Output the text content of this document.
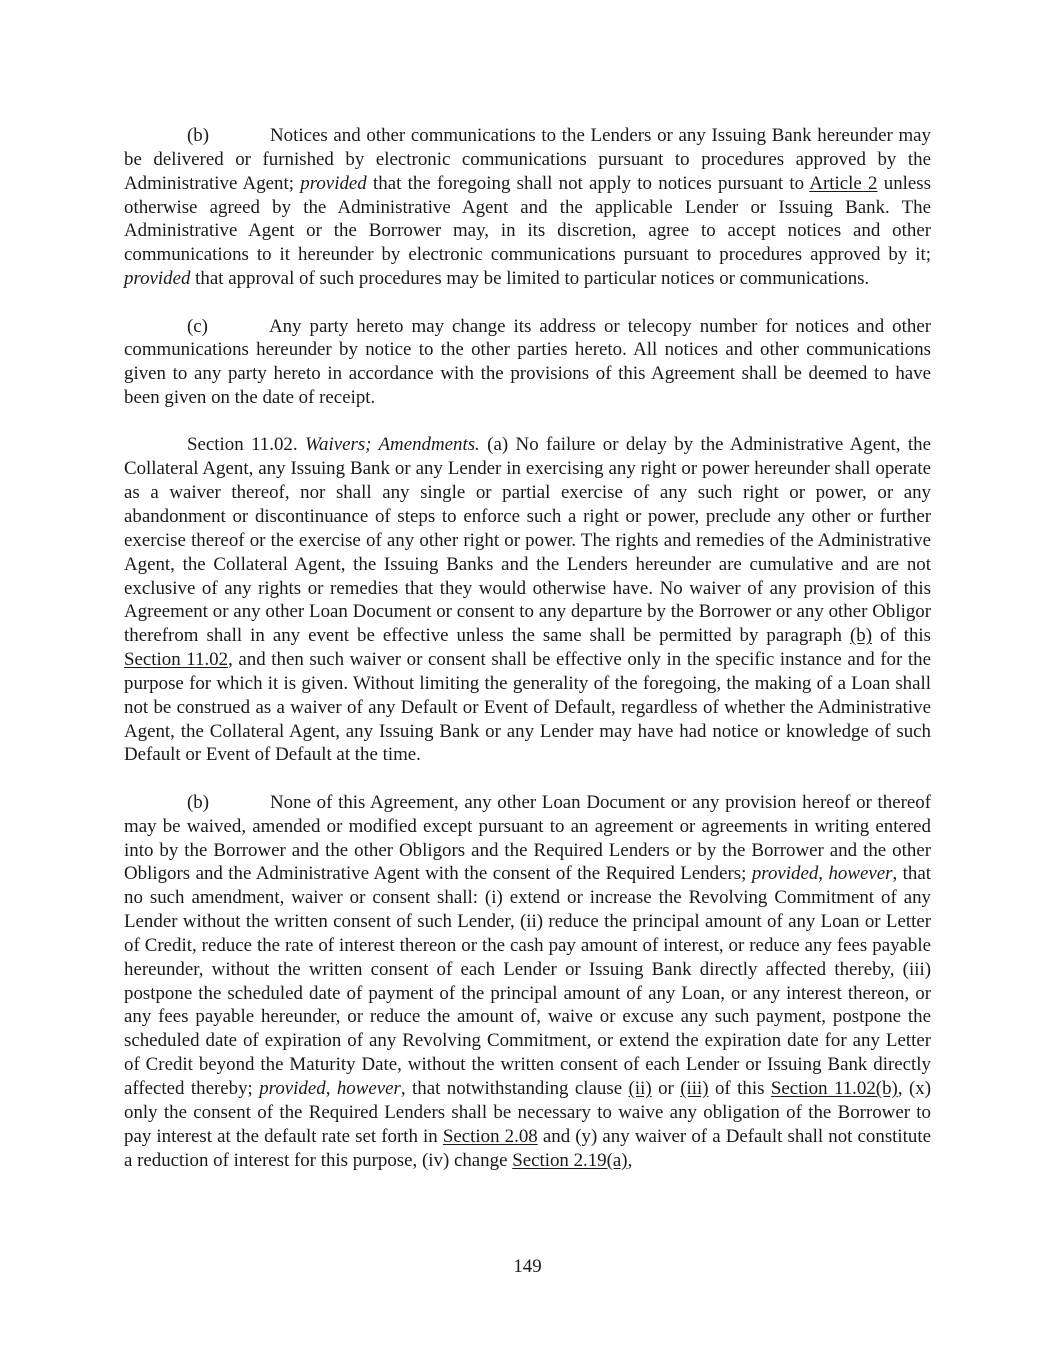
(b)	Notices and other communications to the Lenders or any Issuing Bank hereunder may be delivered or furnished by electronic communications pursuant to procedures approved by the Administrative Agent; provided that the foregoing shall not apply to notices pursuant to Article 2 unless otherwise agreed by the Administrative Agent and the applicable Lender or Issuing Bank. The Administrative Agent or the Borrower may, in its discretion, agree to accept notices and other communications to it hereunder by electronic communications pursuant to procedures approved by it; provided that approval of such procedures may be limited to particular notices or communications.

(c)	Any party hereto may change its address or telecopy number for notices and other communications hereunder by notice to the other parties hereto. All notices and other communications given to any party hereto in accordance with the provisions of this Agreement shall be deemed to have been given on the date of receipt.

Section 11.02. Waivers; Amendments. (a) No failure or delay by the Administrative Agent, the Collateral Agent, any Issuing Bank or any Lender in exercising any right or power hereunder shall operate as a waiver thereof, nor shall any single or partial exercise of any such right or power, or any abandonment or discontinuance of steps to enforce such a right or power, preclude any other or further exercise thereof or the exercise of any other right or power. The rights and remedies of the Administrative Agent, the Collateral Agent, the Issuing Banks and the Lenders hereunder are cumulative and are not exclusive of any rights or remedies that they would otherwise have. No waiver of any provision of this Agreement or any other Loan Document or consent to any departure by the Borrower or any other Obligor therefrom shall in any event be effective unless the same shall be permitted by paragraph (b) of this Section 11.02, and then such waiver or consent shall be effective only in the specific instance and for the purpose for which it is given. Without limiting the generality of the foregoing, the making of a Loan shall not be construed as a waiver of any Default or Event of Default, regardless of whether the Administrative Agent, the Collateral Agent, any Issuing Bank or any Lender may have had notice or knowledge of such Default or Event of Default at the time.

(b)	None of this Agreement, any other Loan Document or any provision hereof or thereof may be waived, amended or modified except pursuant to an agreement or agreements in writing entered into by the Borrower and the other Obligors and the Required Lenders or by the Borrower and the other Obligors and the Administrative Agent with the consent of the Required Lenders; provided, however, that no such amendment, waiver or consent shall: (i) extend or increase the Revolving Commitment of any Lender without the written consent of such Lender, (ii) reduce the principal amount of any Loan or Letter of Credit, reduce the rate of interest thereon or the cash pay amount of interest, or reduce any fees payable hereunder, without the written consent of each Lender or Issuing Bank directly affected thereby, (iii) postpone the scheduled date of payment of the principal amount of any Loan, or any interest thereon, or any fees payable hereunder, or reduce the amount of, waive or excuse any such payment, postpone the scheduled date of expiration of any Revolving Commitment, or extend the expiration date for any Letter of Credit beyond the Maturity Date, without the written consent of each Lender or Issuing Bank directly affected thereby; provided, however, that notwithstanding clause (ii) or (iii) of this Section 11.02(b), (x) only the consent of the Required Lenders shall be necessary to waive any obligation of the Borrower to pay interest at the default rate set forth in Section 2.08 and (y) any waiver of a Default shall not constitute a reduction of interest for this purpose, (iv) change Section 2.19(a),

149
